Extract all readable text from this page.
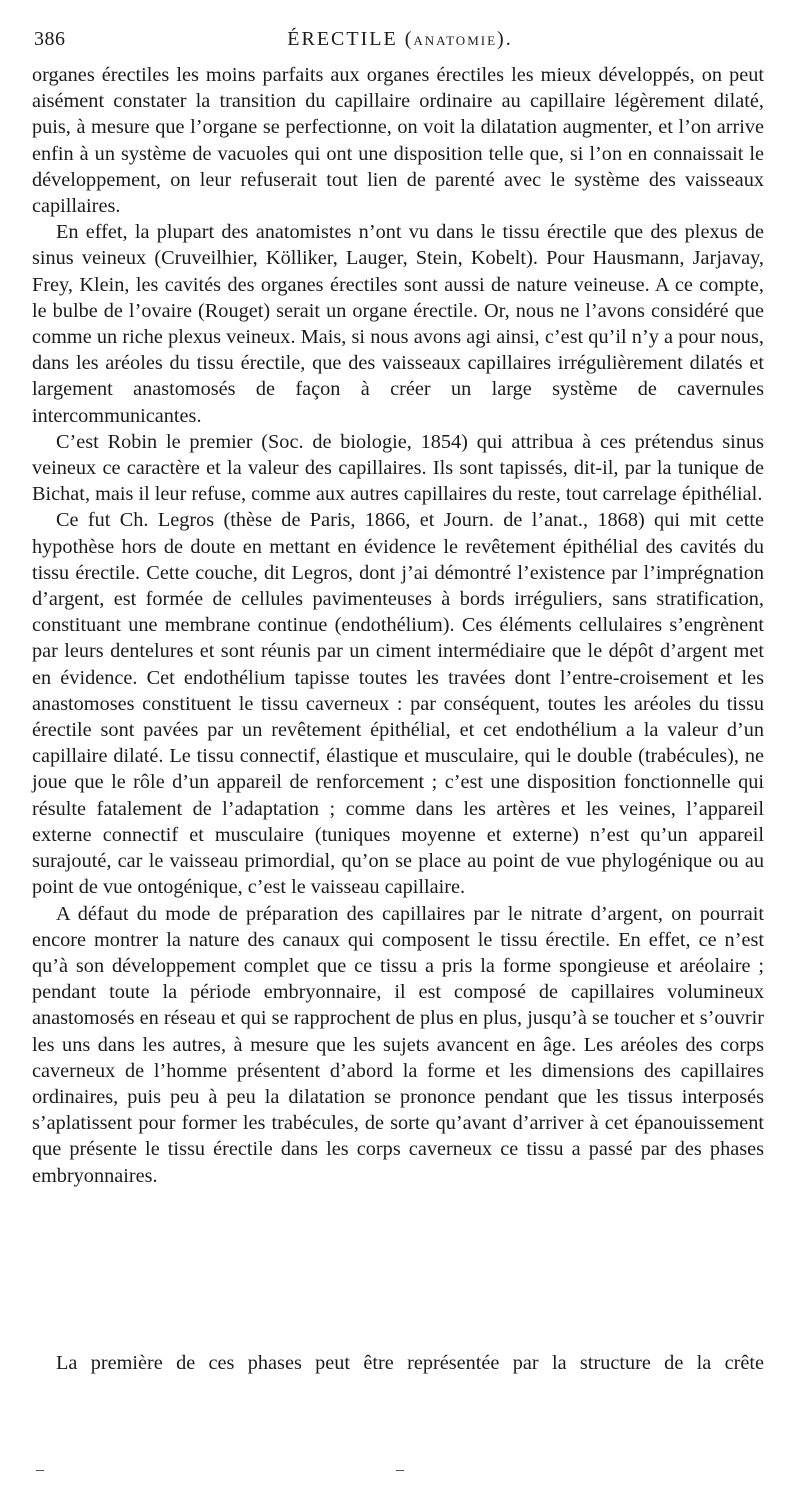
386	ÉRECTILE (ANATOMIE).

organes érectiles les moins parfaits aux organes érectiles les mieux développés, on peut aisément constater la transition du capillaire ordinaire au capillaire légèrement dilaté, puis, à mesure que l’organe se perfectionne, on voit la dilatation augmenter, et l’on arrive enfin à un système de vacuoles qui ont une disposition telle que, si l’on en connaissait le développement, on leur refuserait tout lien de parenté avec le système des vaisseaux capillaires.

En effet, la plupart des anatomistes n’ont vu dans le tissu érectile que des plexus de sinus veineux (Cruveilhier, Kölliker, Lauger, Stein, Kobelt). Pour Hausmann, Jarjavay, Frey, Klein, les cavités des organes érectiles sont aussi de nature veineuse. A ce compte, le bulbe de l’ovaire (Rouget) serait un organe érectile. Or, nous ne l’avons considéré que comme un riche plexus veineux. Mais, si nous avons agi ainsi, c’est qu’il n’y a pour nous, dans les aréoles du tissu érectile, que des vaisseaux capillaires irrégulièrement dilatés et largement anastomosés de façon à créer un large système de cavernules intercommunicantes.

C’est Robin le premier (Soc. de biologie, 1854) qui attribua à ces prétendus sinus veineux ce caractère et la valeur des capillaires. Ils sont tapissés, dit-il, par la tunique de Bichat, mais il leur refuse, comme aux autres capillaires du reste, tout carrelage épithélial.

Ce fut Ch. Legros (thèse de Paris, 1866, et Journ. de l’anat., 1868) qui mit cette hypothèse hors de doute en mettant en évidence le revêtement épithélial des cavités du tissu érectile. Cette couche, dit Legros, dont j’ai démontré l’existence par l’imprégnation d’argent, est formée de cellules pavimenteuses à bords irréguliers, sans stratification, constituant une membrane continue (endothélium). Ces éléments cellulaires s’engrènent par leurs dentelures et sont réunis par un ciment intermédiaire que le dépôt d’argent met en évidence. Cet endothélium tapisse toutes les travées dont l’entre-croisement et les anastomoses constituent le tissu caverneux : par conséquent, toutes les aréoles du tissu érectile sont pavées par un revêtement épithélial, et cet endothélium a la valeur d’un capillaire dilaté. Le tissu connectif, élastique et musculaire, qui le double (trabécules), ne joue que le rôle d’un appareil de renforcement ; c’est une disposition fonctionnelle qui résulte fatalement de l’adaptation ; comme dans les artères et les veines, l’appareil externe connectif et musculaire (tuniques moyenne et externe) n’est qu’un appareil surajouté, car le vaisseau primordial, qu’on se place au point de vue phylogénique ou au point de vue ontogénique, c’est le vaisseau capillaire.

A défaut du mode de préparation des capillaires par le nitrate d’argent, on pourrait encore montrer la nature des canaux qui composent le tissu érectile. En effet, ce n’est qu’à son développement complet que ce tissu a pris la forme spongieuse et aréolaire ; pendant toute la période embryonnaire, il est composé de capillaires volumineux anastomosés en réseau et qui se rapprochent de plus en plus, jusqu’à se toucher et s’ouvrir les uns dans les autres, à mesure que les sujets avancent en âge. Les aréoles des corps caverneux de l’homme présentent d’abord la forme et les dimensions des capillaires ordinaires, puis peu à peu la dilatation se prononce pendant que les tissus interposés s’aplatissent pour former les trabécules, de sorte qu’avant d’arriver à cet épanouissement que présente le tissu érectile dans les corps caverneux ce tissu a passé par des phases embryonnaires.

La première de ces phases peut être représentée par la structure de la crête
